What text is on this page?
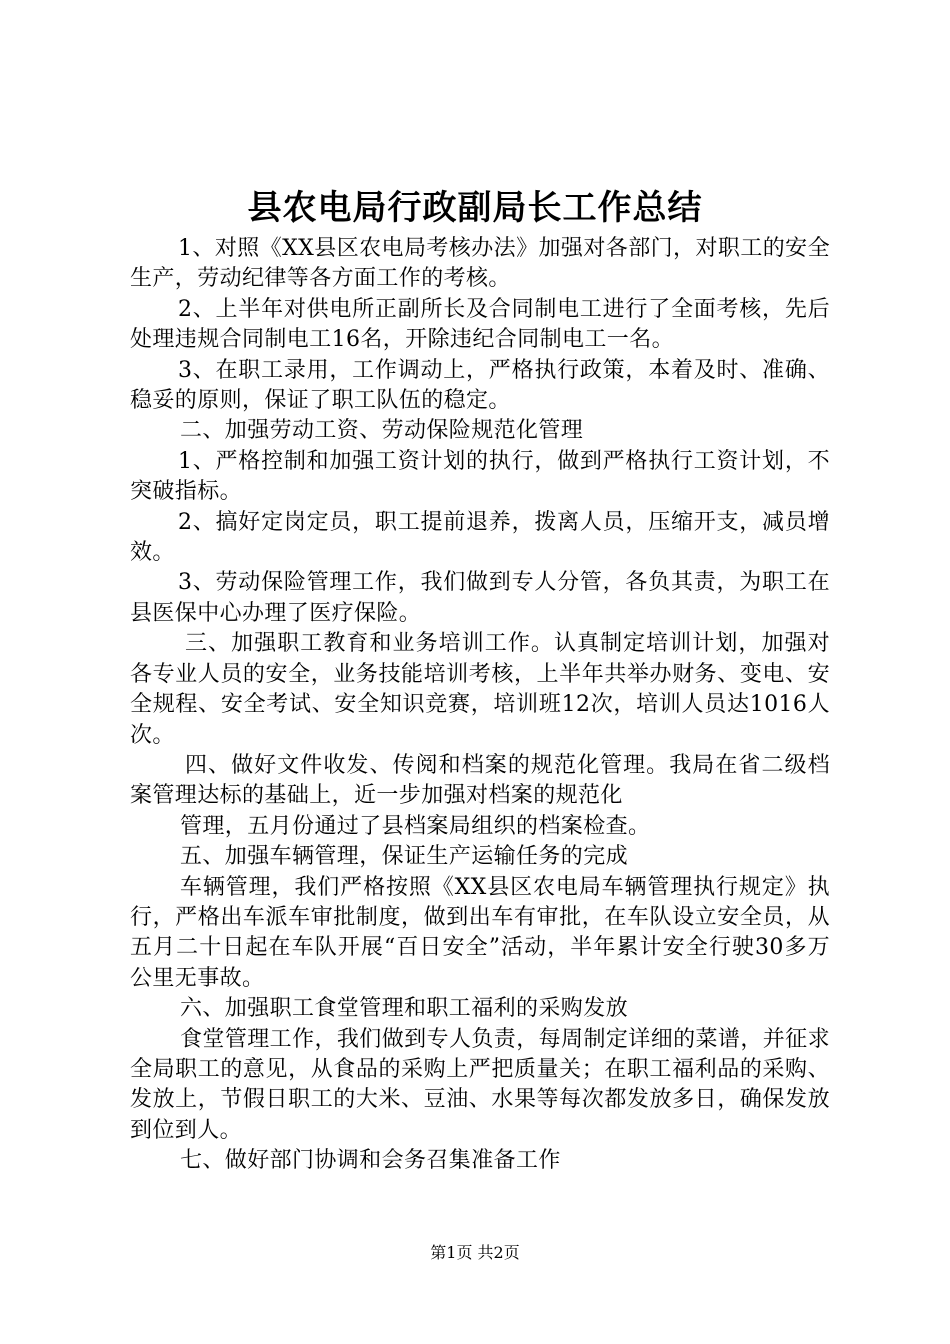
县农电局行政副局长工作总结

1、对照《XX县区农电局考核办法》加强对各部门，对职工的安全生产，劳动纪律等各方面工作的考核。

2、上半年对供电所正副所长及合同制电工进行了全面考核，先后处理违规合同制电工16名，开除违纪合同制电工一名。

3、在职工录用，工作调动上，严格执行政策，本着及时、准确、稳妥的原则，保证了职工队伍的稳定。

二、加强劳动工资、劳动保险规范化管理

1、严格控制和加强工资计划的执行，做到严格执行工资计划，不突破指标。

2、搞好定岗定员，职工提前退养，拨离人员，压缩开支，减员增效。

3、劳动保险管理工作，我们做到专人分管，各负其责，为职工在县医保中心办理了医疗保险。

三、加强职工教育和业务培训工作。认真制定培训计划，加强对各专业人员的安全，业务技能培训考核，上半年共举办财务、变电、安全规程、安全考试、安全知识竞赛，培训班12次，培训人员达1016人次。

四、做好文件收发、传阅和档案的规范化管理。我局在省二级档案管理达标的基础上，近一步加强对档案的规范化

管理，五月份通过了县档案局组织的档案检查。

五、加强车辆管理，保证生产运输任务的完成

车辆管理，我们严格按照《XX县区农电局车辆管理执行规定》执行，严格出车派车审批制度，做到出车有审批，在车队设立安全员，从五月二十日起在车队开展“百日安全”活动，半年累计安全行驶30多万公里无事故。

六、加强职工食堂管理和职工福利的采购发放

食堂管理工作，我们做到专人负责，每周制定详细的菜谱，并征求全局职工的意见，从食品的采购上严把质量关；在职工福利品的采购、发放上，节假日职工的大米、豆油、水果等每次都发放多日，确保发放到位到人。

七、做好部门协调和会务召集准备工作

第1页 共2页
